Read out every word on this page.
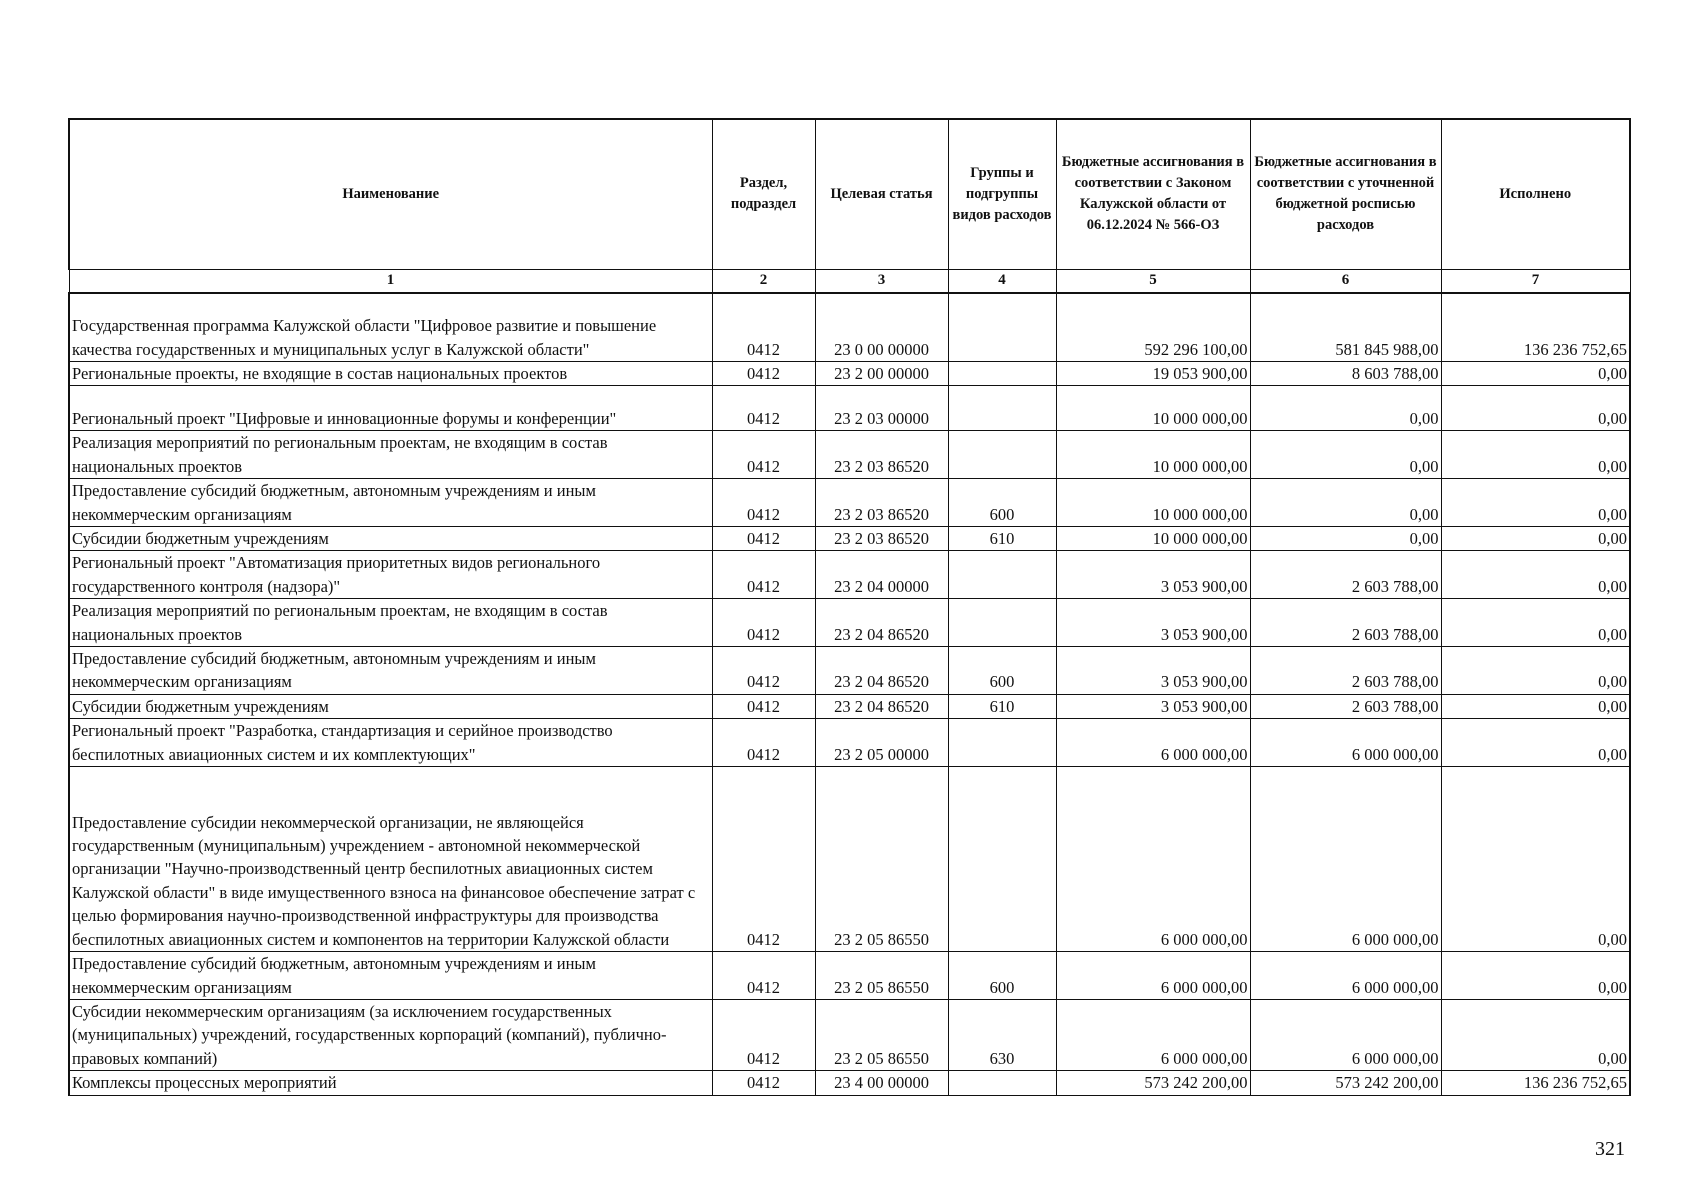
Наименование	Раздел, подраздел	Целевая статья	Группы и подгруппы видов расходов	Бюджетные ассигнования в соответствии с Законом Калужской области от 06.12.2024 № 566-ОЗ	Бюджетные ассигнования в соответствии с уточненной бюджетной росписью расходов	Исполнено
1	2	3	4	5	6	7
Государственная программа Калужской области "Цифровое развитие и повышение качества государственных и муниципальных услуг в Калужской области"	0412	23 0 00 00000		592 296 100,00	581 845 988,00	136 236 752,65
Региональные проекты, не входящие в состав национальных проектов	0412	23 2 00 00000		19 053 900,00	8 603 788,00	0,00
Региональный проект "Цифровые и инновационные форумы и конференции"	0412	23 2 03 00000		10 000 000,00	0,00	0,00
Реализация мероприятий по региональным проектам, не входящим в состав национальных проектов	0412	23 2 03 86520		10 000 000,00	0,00	0,00
Предоставление субсидий бюджетным, автономным учреждениям и иным некоммерческим организациям	0412	23 2 03 86520	600	10 000 000,00	0,00	0,00
Субсидии бюджетным учреждениям	0412	23 2 03 86520	610	10 000 000,00	0,00	0,00
Региональный проект "Автоматизация приоритетных видов регионального государственного контроля (надзора)"	0412	23 2 04 00000		3 053 900,00	2 603 788,00	0,00
Реализация мероприятий по региональным проектам, не входящим в состав национальных проектов	0412	23 2 04 86520		3 053 900,00	2 603 788,00	0,00
Предоставление субсидий бюджетным, автономным учреждениям и иным некоммерческим организациям	0412	23 2 04 86520	600	3 053 900,00	2 603 788,00	0,00
Субсидии бюджетным учреждениям	0412	23 2 04 86520	610	3 053 900,00	2 603 788,00	0,00
Региональный проект "Разработка, стандартизация и серийное производство беспилотных авиационных систем и их комплектующих"	0412	23 2 05 00000		6 000 000,00	6 000 000,00	0,00
Предоставление субсидии некоммерческой организации, не являющейся государственным (муниципальным) учреждением - автономной некоммерческой организации "Научно-производственный центр беспилотных авиационных систем Калужской области" в виде имущественного взноса на финансовое обеспечение затрат с целью формирования научно-производственной инфраструктуры для производства беспилотных авиационных систем и компонентов на территории Калужской области	0412	23 2 05 86550		6 000 000,00	6 000 000,00	0,00
Предоставление субсидий бюджетным, автономным учреждениям и иным некоммерческим организациям	0412	23 2 05 86550	600	6 000 000,00	6 000 000,00	0,00
Субсидии некоммерческим организациям (за исключением государственных (муниципальных) учреждений, государственных корпораций (компаний), публично-правовых компаний)	0412	23 2 05 86550	630	6 000 000,00	6 000 000,00	0,00
Комплексы процессных мероприятий	0412	23 4 00 00000		573 242 200,00	573 242 200,00	136 236 752,65
321
